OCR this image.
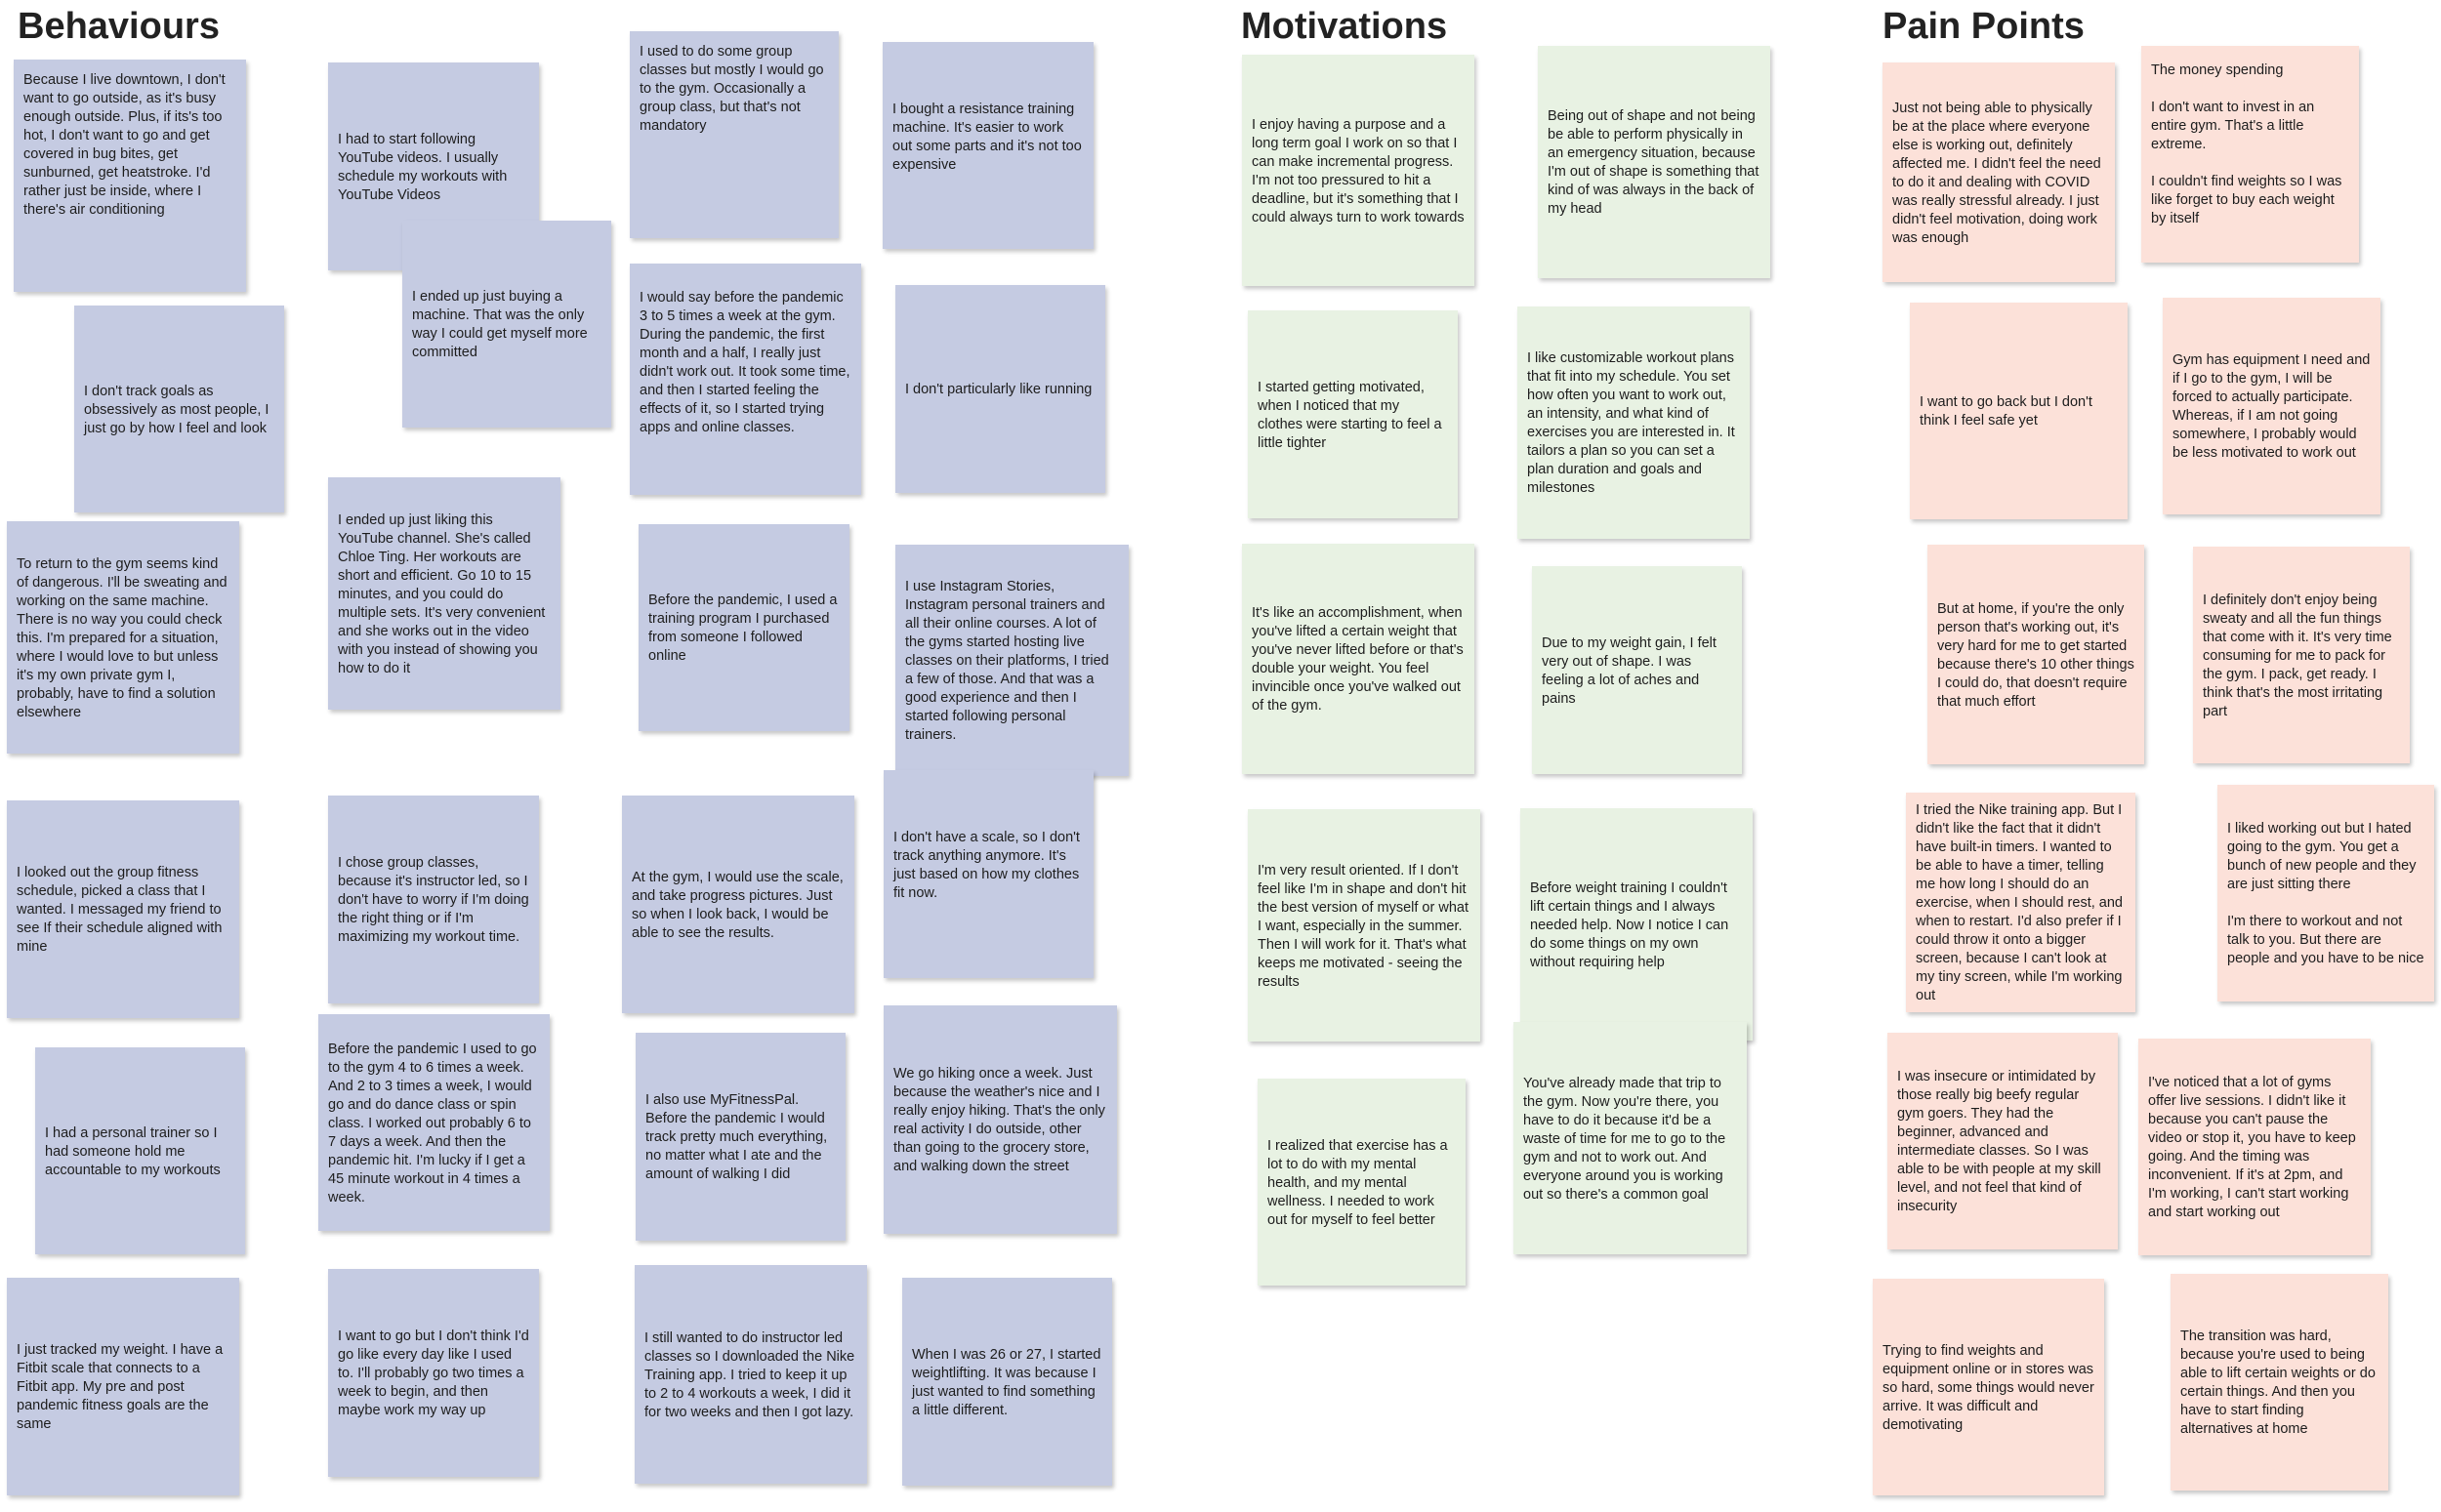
Behaviours	Motivations	Pain Points
Because I live downtown, I don't want to go outside, as it's busy enough outside. Plus, if its's too hot, I don't want to go and get covered in bug bites, get sunburned, get heatstroke. I'd rather just be inside, where I there's air conditioning
I had to start following YouTube videos. I usually schedule my workouts with YouTube Videos
I ended up just buying a machine. That was the only way I could get myself more committed
I used to do some group classes but mostly I would go to the gym. Occasionally a group class, but that's not mandatory
I bought a resistance training machine. It's easier to work out some parts and it's not too expensive
I don't track goals as obsessively as most people, I just go by how I feel and look
I would say before the pandemic 3 to 5 times a week at the gym. During the pandemic, the first month and a half, I really just didn't work out. It took some time, and then I started feeling the effects of it, so I started trying apps and online classes.
I don't particularly like running
To return to the gym seems kind of dangerous. I'll be sweating and working on the same machine. There is no way you could check this. I'm prepared for a situation, where I would love to but unless it's my own private gym I, probably, have to find a solution elsewhere
I ended up just liking this YouTube channel. She's called Chloe Ting. Her workouts are short and efficient. Go 10 to 15 minutes, and you could do multiple sets. It's very convenient and she works out in the video with you instead of showing you how to do it
Before the pandemic, I used a training program I purchased from someone I followed online
I use Instagram Stories, Instagram personal trainers and all their online courses. A lot of the gyms started hosting live classes on their platforms, I tried a few of those. And that was a good experience and then I started following personal trainers.
I looked out the group fitness schedule, picked a class that I wanted. I messaged my friend to see If their schedule aligned with mine
I chose group classes, because it's instructor led, so I don't have to worry if I'm doing the right thing or if I'm maximizing my workout time.
At the gym, I would use the scale, and take progress pictures. Just so when I look back, I would be able to see the results.
I don't have a scale, so I don't track anything anymore. It's just based on how my clothes fit now.
I had a personal trainer so I had someone hold me accountable to my workouts
Before the pandemic I used to go to the gym 4 to 6 times a week. And 2 to 3 times a week, I would go and do dance class or spin class. I worked out probably 6 to 7 days a week. And then the pandemic hit. I'm lucky if I get a 45 minute workout in 4 times a week.
I also use MyFitnessPal. Before the pandemic I would track pretty much everything, no matter what I ate and the amount of walking I did
We go hiking once a week. Just because the weather's nice and I really enjoy hiking. That's the only real activity I do outside, other than going to the grocery store, and walking down the street
I just tracked my weight. I have a Fitbit scale that connects to a Fitbit app. My pre and post pandemic fitness goals are the same
I want to go but I don't think I'd go like every day like I used to. I'll probably go two times a week to begin, and then maybe work my way up
I still wanted to do instructor led classes so I downloaded the Nike Training app. I tried to keep it up to 2 to 4 workouts a week, I did it for two weeks and then I got lazy.
When I was 26 or 27, I started weightlifting. It was because I just wanted to find something a little different.
I enjoy having a purpose and a long term goal I work on so that I can make incremental progress. I'm not too pressured to hit a deadline, but it's something that I could always turn to work towards
Being out of shape and not being be able to perform physically in an emergency situation, because I'm out of shape is something that kind of was always in the back of my head
I started getting motivated, when I noticed that my clothes were starting to feel a little tighter
I like customizable workout plans that fit into my schedule. You set how often you want to work out, an intensity, and what kind of exercises you are interested in. It tailors a plan so you can set a plan duration and goals and milestones
It's like an accomplishment, when you've lifted a certain weight that you've never lifted before or that's double your weight. You feel invincible once you've walked out of the gym.
Due to my weight gain, I felt very out of shape. I was feeling a lot of aches and pains
I'm very result oriented. If I don't feel like I'm in shape and don't hit the best version of myself or what I want, especially in the summer. Then I will work for it. That's what keeps me motivated - seeing the results
Before weight training I couldn't lift certain things and I always needed help. Now I notice I can do some things on my own without requiring help
I realized that exercise has a lot to do with my mental health, and my mental wellness. I needed to work out for myself to feel better
You've already made that trip to the gym. Now you're there, you have to do it because it'd be a waste of time for me to go to the gym and not to work out. And everyone around you is working out so there's a common goal
Just not being able to physically be at the place where everyone else is working out, definitely affected me. I didn't feel the need to do it and dealing with COVID was really stressful already. I just didn't feel motivation, doing work was enough
The money spending

I don't want to invest in an entire gym. That's a little extreme.

I couldn't find weights so I was like forget to buy each weight by itself
I want to go back but I don't think I feel safe yet
Gym has equipment I need and if I go to the gym, I will be forced to actually participate. Whereas, if I am not going somewhere, I probably would be less motivated to work out
But at home, if you're the only person that's working out, it's very hard for me to get started because there's 10 other things I could do, that doesn't require that much effort
I definitely don't enjoy being sweaty and all the fun things that come with it. It's very time consuming for me to pack for the gym. I pack, get ready. I think that's the most irritating part
I tried the Nike training app. But I didn't like the fact that it didn't have built-in timers. I wanted to be able to have a timer, telling me how long I should do an exercise, when I should rest, and when to restart. I'd also prefer if I could throw it onto a bigger screen, because I can't look at my tiny screen, while I'm working out
I liked working out but I hated going to the gym. You get a bunch of new people and they are just sitting there

I'm there to workout and not talk to you. But there are people and you have to be nice
I was insecure or intimidated by those really big beefy regular gym goers. They had the beginner, advanced and intermediate classes. So I was able to be with people at my skill level, and not feel that kind of insecurity
I've noticed that a lot of gyms offer live sessions. I didn't like it because you can't pause the video or stop it, you have to keep going. And the timing was inconvenient. If it's at 2pm, and I'm working, I can't start working and start working out
Trying to find weights and equipment online or in stores was so hard, some things would never arrive. It was difficult and demotivating
The transition was hard, because you're used to being able to lift certain weights or do certain things. And then you have to start finding alternatives at home
